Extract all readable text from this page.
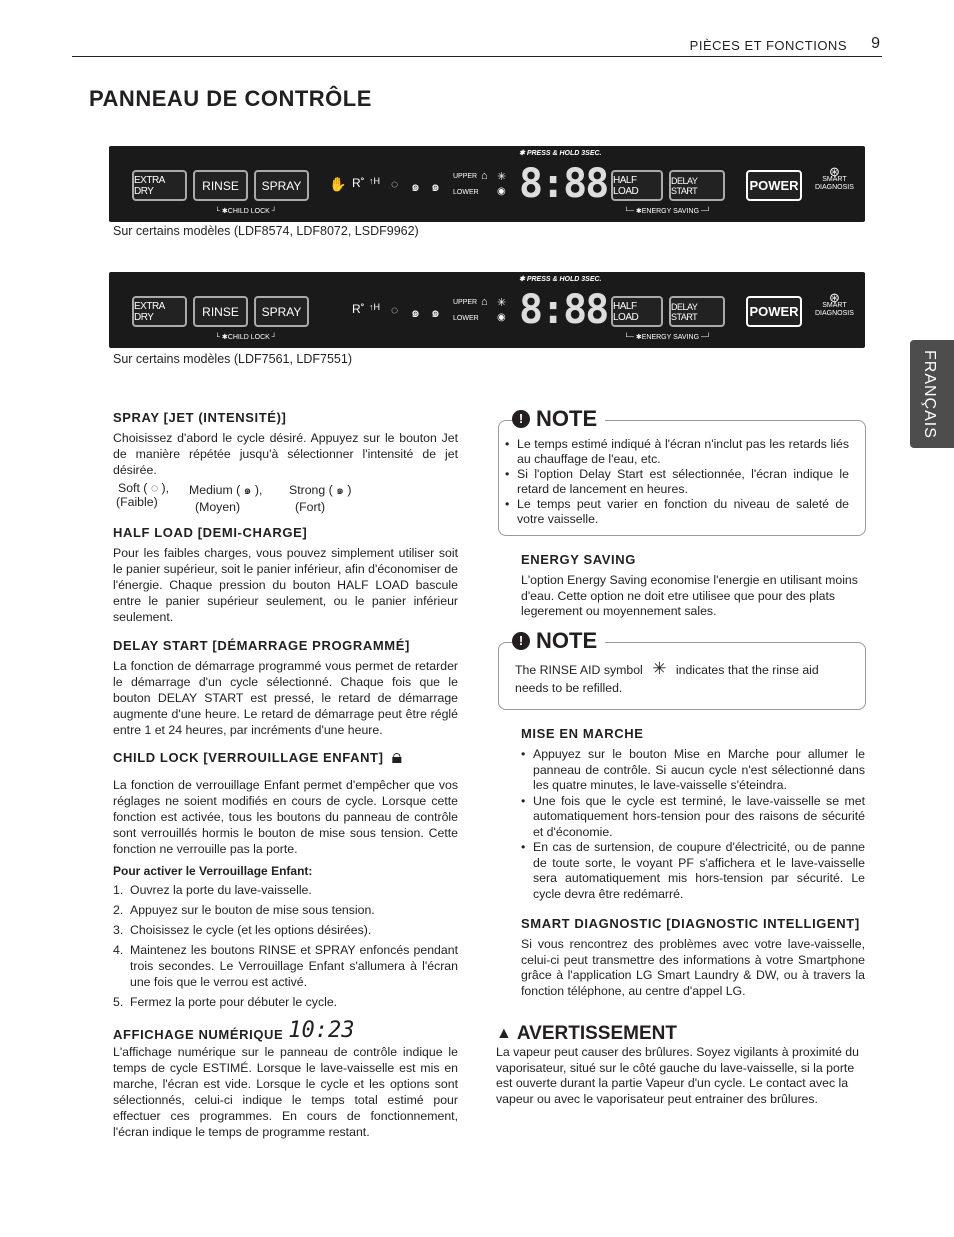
PIÈCES ET FONCTIONS 9
PANNEAU DE CONTRÔLE
FRANÇAIS
EXTRA DRY	RINSE	SPRAY
└ ✱CHILD LOCK ┘
✋ R˚ ↑H ◌ ๑ ๑
UPPER
LOWER
⌂ ✳
◉
✱ PRESS & HOLD 3SEC.
8:88 HALF LOAD
DELAY START
└─ ✱ENERGY SAVING ─┘
POWER
⊛
SMART
DIAGNOSIS
Sur certains modèles (LDF8574, LDF8072, LSDF9962)
EXTRA DRY	RINSE	SPRAY
└ ✱CHILD LOCK ┘
R˚ ↑H ◌ ๑ ๑
UPPER
LOWER
⌂ ✳
◉
✱ PRESS & HOLD 3SEC.
8:88 HALF LOAD
DELAY START
└─ ✱ENERGY SAVING ─┘
POWER
⊛
SMART
DIAGNOSIS
Sur certains modèles (LDF7561, LDF7551)
SPRAY [JET (INTENSITÉ)]

Choisissez d'abord le cycle désiré. Appuyez sur le bouton Jet de manière répétée jusqu'à sélectionner l'intensité de jet désirée.

Soft ( ◌ ),
(Faible)
Medium ( ๑ ),
(Moyen)
Strong ( ๑ )
(Fort)
HALF LOAD [DEMI-CHARGE]

Pour les faibles charges, vous pouvez simplement utiliser soit le panier supérieur, soit le panier inférieur, afin d'économiser de l'énergie. Chaque pression du bouton HALF LOAD bascule entre le panier supérieur seulement, ou le panier inférieur seulement.

DELAY START [DÉMARRAGE PROGRAMMÉ]

La fonction de démarrage programmé vous permet de retarder le démarrage d'un cycle sélectionné. Chaque fois que le bouton DELAY START est pressé, le retard de démarrage augmente d'une heure. Le retard de démarrage peut être réglé entre 1 et 24 heures, par incréments d'une heure.

CHILD LOCK [VERROUILLAGE ENFANT] 🔒︎

La fonction de verrouillage Enfant permet d'empêcher que vos réglages ne soient modifiés en cours de cycle. Lorsque cette fonction est activée, tous les boutons du panneau de contrôle sont verrouillés hormis le bouton de mise sous tension. Cette fonction ne verrouille pas la porte.

Pour activer le Verrouillage Enfant:
1. Ouvrez la porte du lave-vaisselle.
2. Appuyez sur le bouton de mise sous tension.
3. Choisissez le cycle (et les options désirées).
4. Maintenez les boutons RINSE et SPRAY enfoncés pendant trois secondes. Le Verrouillage Enfant s'allumera à l'écran une fois que le verrou est activé.
5. Fermez la porte pour débuter le cycle.
AFFICHAGE NUMÉRIQUE 10:23

L'affichage numérique sur le panneau de contrôle indique le temps de cycle ESTIMÉ. Lorsque le lave-vaisselle est mis en marche, l'écran est vide. Lorsque le cycle et les options sont sélectionnés, celui-ci indique le temps total estimé pour effectuer ces programmes. En cours de fonctionnement, l'écran indique le temps de programme restant.

! NOTE
• Le temps estimé indiqué à l'écran n'inclut pas les retards liés au chauffage de l'eau, etc.
• Si l'option Delay Start est sélectionnée, l'écran indique le retard de lancement en heures.
• Le temps peut varier en fonction du niveau de saleté de votre vaisselle.
ENERGY SAVING

L'option Energy Saving economise l'energie en utilisant moins d'eau. Cette option ne doit etre utilisee que pour des plats legerement ou moyennement sales.

! NOTE
The RINSE AID symbol ✳ indicates that the rinse aid needs to be refilled.
MISE EN MARCHE
• Appuyez sur le bouton Mise en Marche pour allumer le panneau de contrôle. Si aucun cycle n'est sélectionné dans les quatre minutes, le lave-vaisselle s'éteindra.
• Une fois que le cycle est terminé, le lave-vaisselle se met automatiquement hors-tension pour des raisons de sécurité et d'économie.
• En cas de surtension, de coupure d'électricité, ou de panne de toute sorte, le voyant PF s'affichera et le lave-vaisselle sera automatiquement mis hors-tension par sécurité. Le cycle devra être redémarré.
SMART DIAGNOSTIC [DIAGNOSTIC INTELLIGENT]

Si vous rencontrez des problèmes avec votre lave-vaisselle, celui-ci peut transmettre des informations à votre Smartphone grâce à l'application LG Smart Laundry & DW, ou à travers la fonction téléphone, au centre d'appel LG.

▲ AVERTISSEMENT

La vapeur peut causer des brûlures. Soyez vigilants à proximité du vaporisateur, situé sur le côté gauche du lave-vaisselle, si la porte est ouverte durant la partie Vapeur d'un cycle. Le contact avec la vapeur ou avec le vaporisateur peut entrainer des brûlures.
